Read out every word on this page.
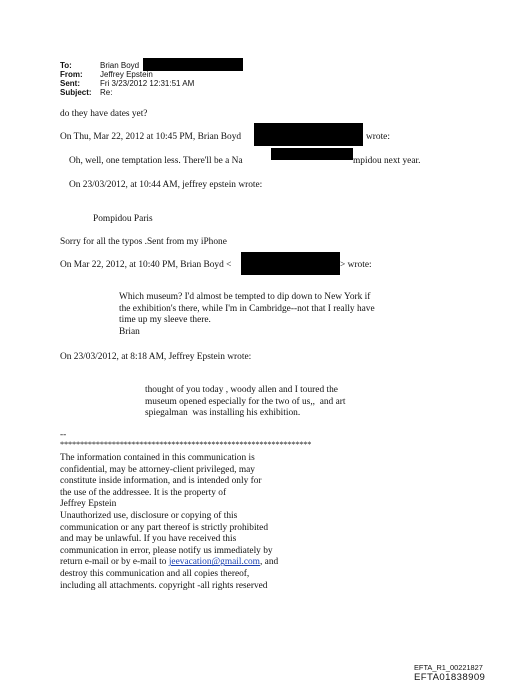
To:	Brian Boyd
From: Jeffrey Epstein
Sent:	Fri 3/23/2012 12:31:51 AM
Subject: Re:
do they have dates yet?
On Thu, Mar 22, 2012 at 10:45 PM, Brian Boyd	wrote:
Oh, well, one temptation less. There'll be a Na	mpidou next year.
On 23/03/2012, at 10:44 AM, jeffrey epstein wrote:
Pompidou Paris
Sorry for all the typos .Sent from my iPhone
On Mar 22, 2012, at 10:40 PM, Brian Boyd <	> wrote:
Which museum? I'd almost be tempted to dip down to New York if
the exhibition's there, while I'm in Cambridge--not that I really have
time up my sleeve there.
Brian
On 23/03/2012, at 8:18 AM, Jeffrey Epstein wrote:
thought of you today , woody allen and I toured the
museum opened especially for the two of us,,  and art
spiegalman  was installing his exhibition.
--
***************************************************************
The information contained in this communication is
confidential, may be attorney-client privileged, may
constitute inside information, and is intended only for
the use of the addressee. It is the property of
Jeffrey Epstein
Unauthorized use, disclosure or copying of this
communication or any part thereof is strictly prohibited
and may be unlawful. If you have received this
communication in error, please notify us immediately by
return e-mail or by e-mail to jeevacation@gmail.com, and
destroy this communication and all copies thereof,
including all attachments. copyright -all rights reserved
EFTA_R1_00221827
EFTA01838909
